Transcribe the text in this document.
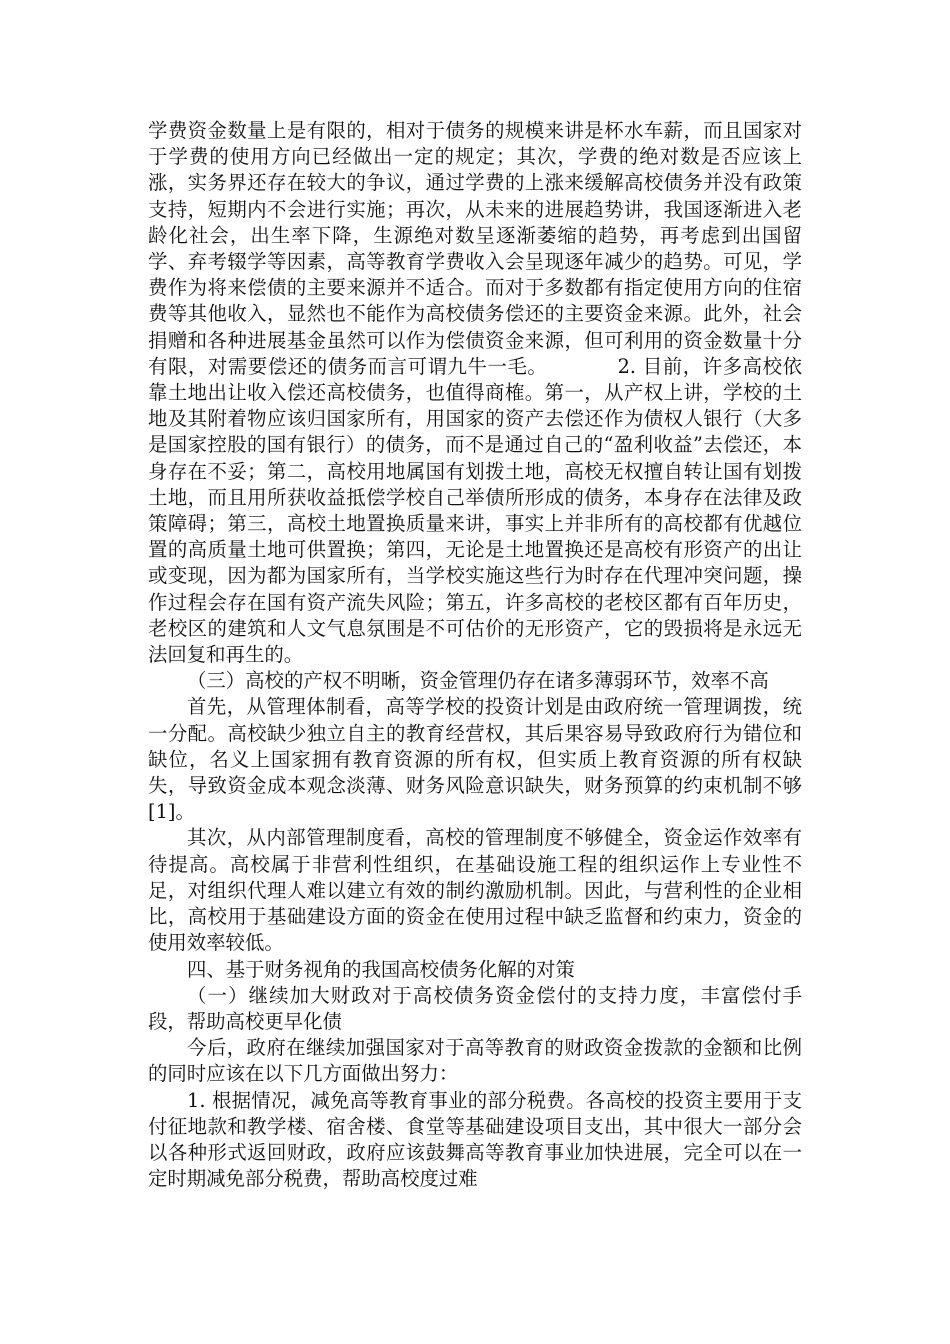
学费资金数量上是有限的，相对于债务的规模来讲是杯水车薪，而且国家对于学费的使用方向已经做出一定的规定；其次，学费的绝对数是否应该上涨，实务界还存在较大的争议，通过学费的上涨来缓解高校债务并没有政策支持，短期内不会进行实施；再次，从未来的进展趋势讲，我国逐渐进入老龄化社会，出生率下降，生源绝对数呈逐渐萎缩的趋势，再考虑到出国留学、弃考辍学等因素，高等教育学费收入会呈现逐年减少的趋势。可见，学费作为将来偿债的主要来源并不适合。而对于多数都有指定使用方向的住宿费等其他收入，显然也不能作为高校债务偿还的主要资金来源。此外，社会捐赠和各种进展基金虽然可以作为偿债资金来源，但可利用的资金数量十分有限，对需要偿还的债务而言可谓九牛一毛。　　　　2. 目前，许多高校依靠土地出让收入偿还高校债务，也值得商榷。第一，从产权上讲，学校的土地及其附着物应该归国家所有，用国家的资产去偿还作为债权人银行（大多是国家控股的国有银行）的债务，而不是通过自己的“盈利收益”去偿还，本身存在不妥；第二，高校用地属国有划拨土地，高校无权擅自转让国有划拨土地，而且用所获收益抵偿学校自己举债所形成的债务，本身存在法律及政策障碍；第三，高校土地置换质量来讲，事实上并非所有的高校都有优越位置的高质量土地可供置换；第四，无论是土地置换还是高校有形资产的出让或变现，因为都为国家所有，当学校实施这些行为时存在代理冲突问题，操作过程会存在国有资产流失风险；第五，许多高校的老校区都有百年历史，老校区的建筑和人文气息氛围是不可估价的无形资产，它的毁损将是永远无法回复和再生的。

（三）高校的产权不明晰，资金管理仍存在诸多薄弱环节，效率不高

首先，从管理体制看，高等学校的投资计划是由政府统一管理调拨，统一分配。高校缺少独立自主的教育经营权，其后果容易导致政府行为错位和缺位，名义上国家拥有教育资源的所有权，但实质上教育资源的所有权缺失，导致资金成本观念淡薄、财务风险意识缺失，财务预算的约束机制不够[1]。

其次，从内部管理制度看，高校的管理制度不够健全，资金运作效率有待提高。高校属于非营利性组织，在基础设施工程的组织运作上专业性不足，对组织代理人难以建立有效的制约激励机制。因此，与营利性的企业相比，高校用于基础建设方面的资金在使用过程中缺乏监督和约束力，资金的使用效率较低。

四、基于财务视角的我国高校债务化解的对策

（一）继续加大财政对于高校债务资金偿付的支持力度，丰富偿付手段，帮助高校更早化债

今后，政府在继续加强国家对于高等教育的财政资金拨款的金额和比例的同时应该在以下几方面做出努力：

1. 根据情况，减免高等教育事业的部分税费。各高校的投资主要用于支付征地款和教学楼、宿舍楼、食堂等基础建设项目支出，其中很大一部分会以各种形式返回财政，政府应该鼓舞高等教育事业加快进展，完全可以在一定时期减免部分税费，帮助高校度过难
